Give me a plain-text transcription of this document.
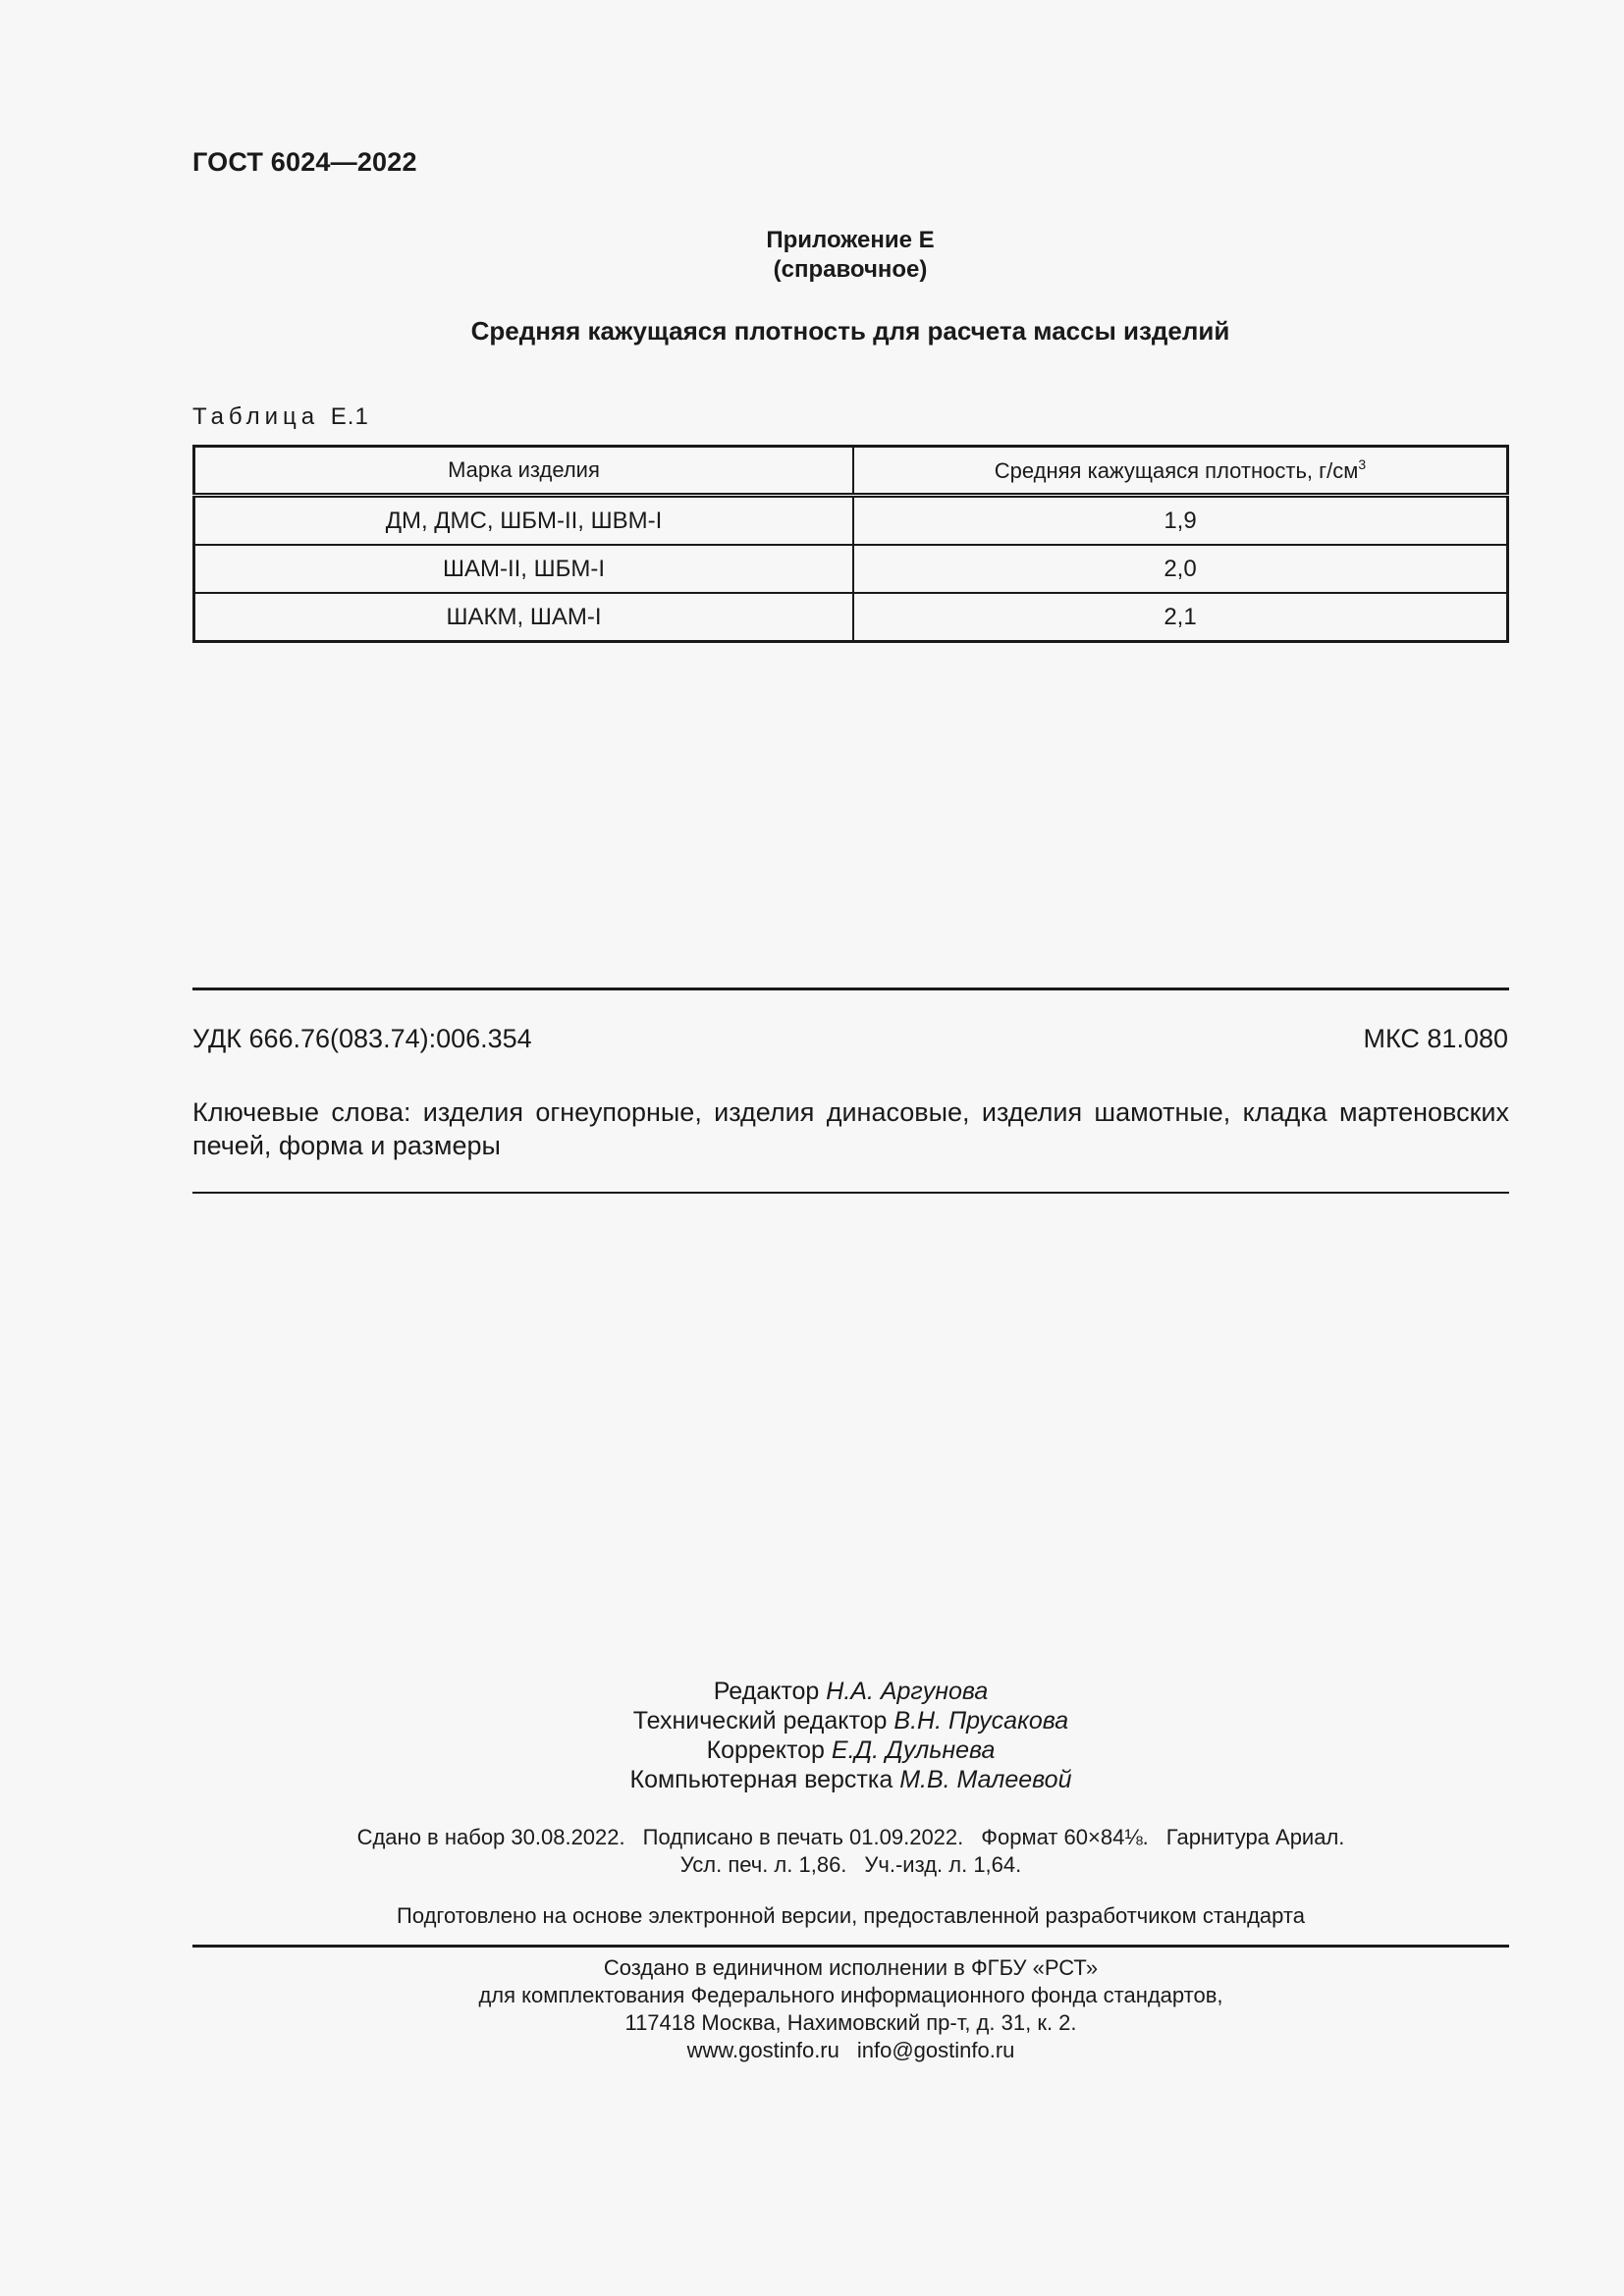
ГОСТ 6024—2022
Приложение Е
(справочное)
Средняя кажущаяся плотность для расчета массы изделий
Таблица Е.1
Марка изделия	Средняя кажущаяся плотность, $г/см^3$
ДМ, ДМС, ШБМ-II, ШВМ-I	1,9
ШАМ-II, ШБМ-I	2,0
ШАКМ, ШАМ-I	2,1
УДК 666.76(083.74):006.354	МКС 81.080
Ключевые слова: изделия огнеупорные, изделия динасовые, изделия шамотные, кладка мартеновских печей, форма и размеры
Редактор Н.А. Аргунова
Технический редактор В.Н. Прусакова
Корректор Е.Д. Дульнева
Компьютерная верстка М.В. Малеевой
Сдано в набор 30.08.2022. Подписано в печать 01.09.2022. Формат 60×84⅛. Гарнитура Ариал.
Усл. печ. л. 1,86. Уч.-изд. л. 1,64.
Подготовлено на основе электронной версии, предоставленной разработчиком стандарта
Создано в единичном исполнении в ФГБУ «РСТ»
для комплектования Федерального информационного фонда стандартов,
117418 Москва, Нахимовский пр-т, д. 31, к. 2.
www.gostinfo.ru info@gostinfo.ru
